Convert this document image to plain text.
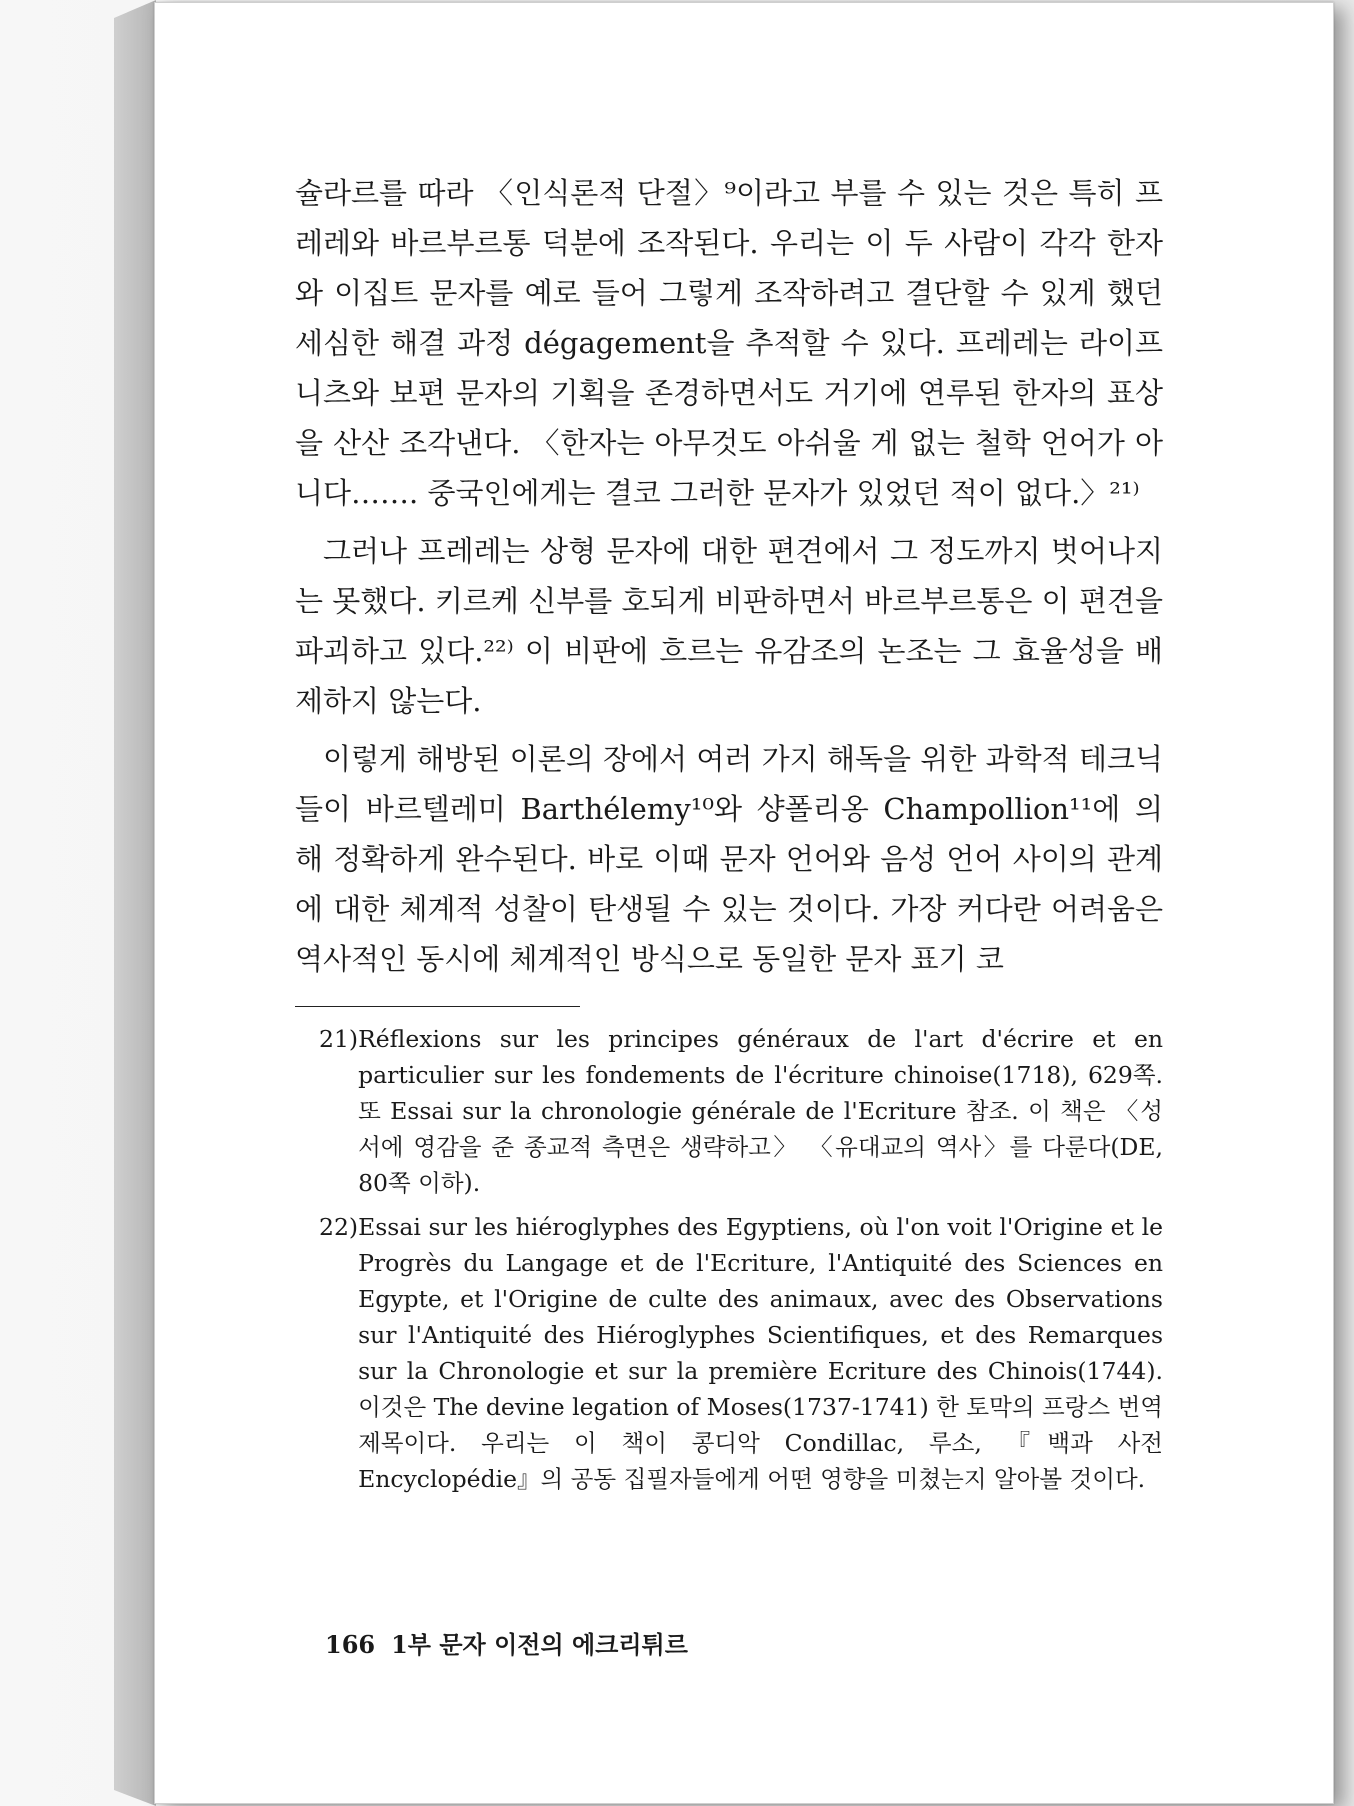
슐라르를 따라 〈인식론적 단절〉⁹이라고 부를 수 있는 것은 특히 프레레와 바르부르통 덕분에 조작된다. 우리는 이 두 사람이 각각 한자와 이집트 문자를 예로 들어 그렇게 조작하려고 결단할 수 있게 했던 세심한 해결 과정 dégagement을 추적할 수 있다. 프레레는 라이프니츠와 보편 문자의 기획을 존경하면서도 거기에 연루된 한자의 표상을 산산 조각낸다. 〈한자는 아무것도 아쉬울 게 없는 철학 언어가 아니다……. 중국인에게는 결코 그러한 문자가 있었던 적이 없다.〉²¹⁾

그러나 프레레는 상형 문자에 대한 편견에서 그 정도까지 벗어나지는 못했다. 키르케 신부를 호되게 비판하면서 바르부르통은 이 편견을 파괴하고 있다.²²⁾ 이 비판에 흐르는 유감조의 논조는 그 효율성을 배제하지 않는다.

이렇게 해방된 이론의 장에서 여러 가지 해독을 위한 과학적 테크닉들이 바르텔레미 Barthélemy¹⁰와 샹폴리옹 Champollion¹¹에 의해 정확하게 완수된다. 바로 이때 문자 언어와 음성 언어 사이의 관계에 대한 체계적 성찰이 탄생될 수 있는 것이다. 가장 커다란 어려움은 역사적인 동시에 체계적인 방식으로 동일한 문자 표기 코

21) Réflexions sur les principes généraux de l'art d'écrire et en particulier sur les fondements de l'écriture chinoise(1718), 629쪽. 또 Essai sur la chronologie générale de l'Ecriture 참조. 이 책은 〈성서에 영감을 준 종교적 측면은 생략하고〉 〈유대교의 역사〉를 다룬다(DE, 80쪽 이하).
22) Essai sur les hiéroglyphes des Egyptiens, où l'on voit l'Origine et le Progrès du Langage et de l'Ecriture, l'Antiquité des Sciences en Egypte, et l'Origine de culte des animaux, avec des Observations sur l'Antiquité des Hiéroglyphes Scientifiques, et des Remarques sur la Chronologie et sur la première Ecriture des Chinois(1744). 이것은 The devine legation of Moses(1737-1741) 한 토막의 프랑스 번역 제목이다. 우리는 이 책이 콩디악 Condillac, 루소, 『백과 사전 Encyclopédie』의 공동 집필자들에게 어떤 영향을 미쳤는지 알아볼 것이다.
166 1부 문자 이전의 에크리튀르
